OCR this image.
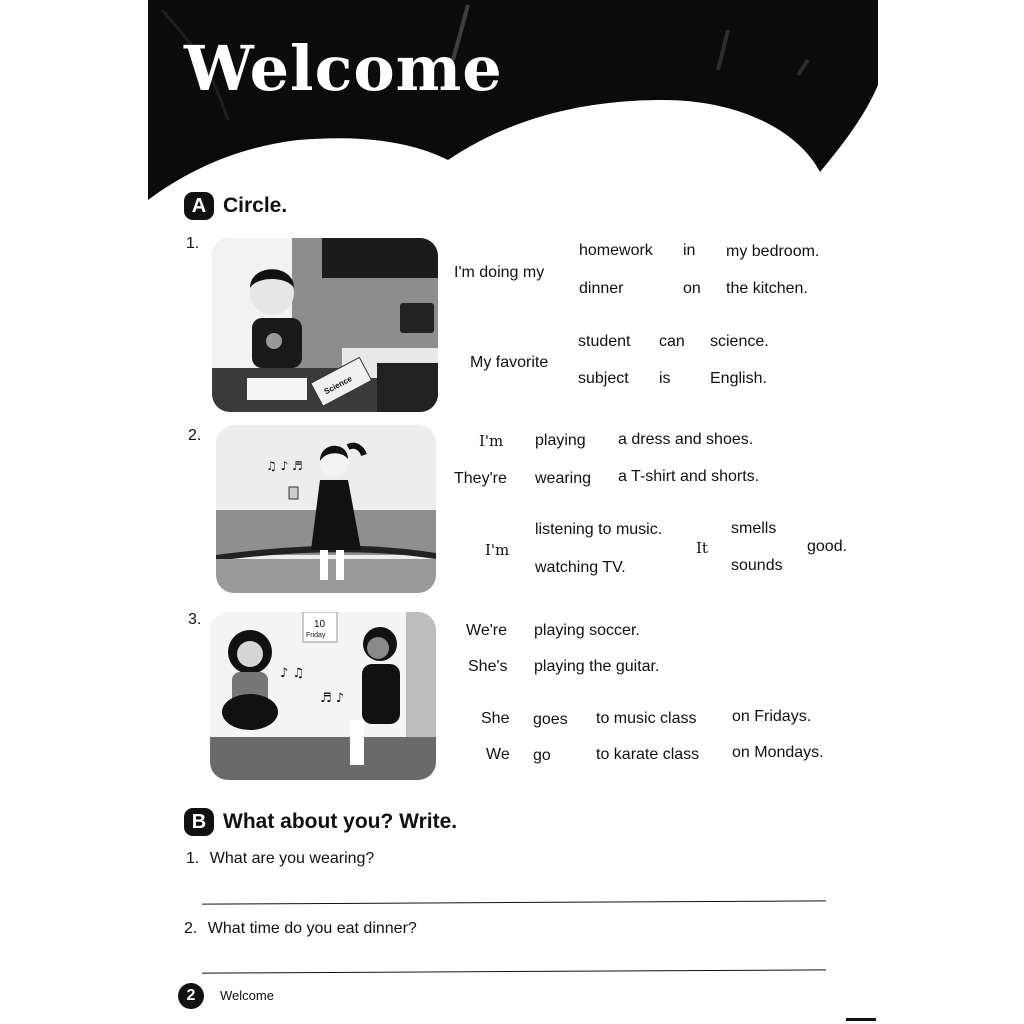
Welcome
A Circle.
1.
Science
I'm doing my
homework
dinner
in
on
my bedroom.
the kitchen.
My favorite
student
subject
can
is
science.
English.
2.
♫ ♪ ♬
I'm
They're
playing
wearing
a dress and shoes.
a T-shirt and shorts.
I'm
listening to music.
watching TV.
It
smells
sounds
good.
3.	10
Friday
♪ ♫
♬ ♪
We're
She's
playing soccer.
playing the guitar.
She
We
goes
go
to music class
to karate class
on Fridays.
on Mondays.
B What about you? Write.
1. What are you wearing?
2. What time do you eat dinner?
2	Welcome
